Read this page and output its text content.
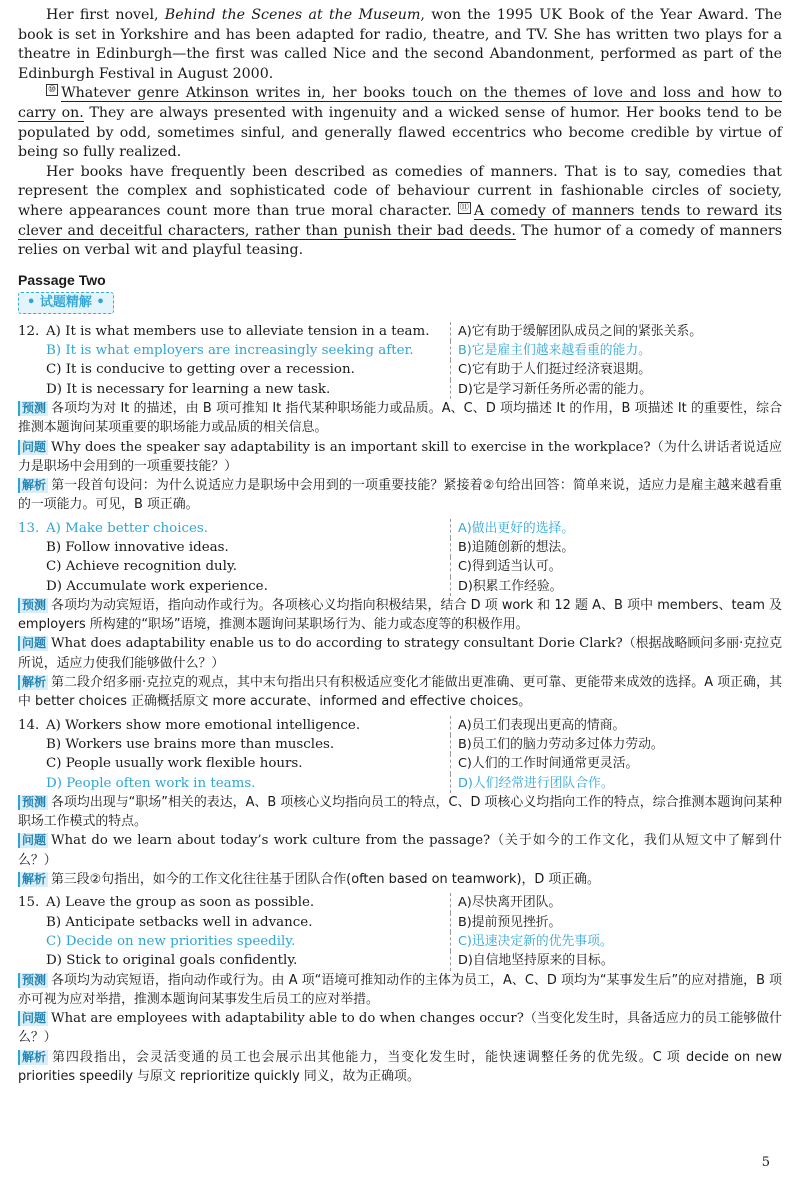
Her first novel, Behind the Scenes at the Museum, won the 1995 UK Book of the Year Award. The book is set in Yorkshire and has been adapted for radio, theatre, and TV. She has written two plays for a theatre in Edinburgh—the first was called Nice and the second Abandonment, performed as part of the Edinburgh Festival in August 2000.

⑩ Whatever genre Atkinson writes in, her books touch on the themes of love and loss and how to carry on. They are always presented with ingenuity and a wicked sense of humor. Her books tend to be populated by odd, sometimes sinful, and generally flawed eccentrics who become credible by virtue of being so fully realized.

Her books have frequently been described as comedies of manners. That is to say, comedies that represent the complex and sophisticated code of behaviour current in fashionable circles of society, where appearances count more than true moral character. ⑪ A comedy of manners tends to reward its clever and deceitful characters, rather than punish their bad deeds. The humor of a comedy of manners relies on verbal wit and playful teasing.

Passage Two
• 试题精解 •
12. A) It is what members use to alleviate tension in a team.	A)它有助于缓解团队成员之间的紧张关系。
B) It is what employers are increasingly seeking after.	B)它是雇主们越来越看重的能力。
C) It is conducive to getting over a recession.	C)它有助于人们挺过经济衰退期。
D) It is necessary for learning a new task.	D)它是学习新任务所必需的能力。

预测 各项均为对 It 的描述，由 B 项可推知 It 指代某种职场能力或品质。A、C、D 项均描述 It 的作用，B 项描述 It 的重要性，综合推测本题询问某项重要的职场能力或品质的相关信息。

问题 Why does the speaker say adaptability is an important skill to exercise in the workplace?（为什么讲话者说适应力是职场中会用到的一项重要技能？）

解析 第一段首句设问：为什么说适应力是职场中会用到的一项重要技能？紧接着②句给出回答：简单来说，适应力是雇主越来越看重的一项能力。可见，B 项正确。

13. A) Make better choices.	A)做出更好的选择。
B) Follow innovative ideas.	B)追随创新的想法。
C) Achieve recognition duly.	C)得到适当认可。
D) Accumulate work experience.	D)积累工作经验。

预测 各项均为动宾短语，指向动作或行为。各项核心义均指向积极结果，结合 D 项 work 和 12 题 A、B 项中 members、team 及 employers 所构建的“职场”语境，推测本题询问某职场行为、能力或态度等的积极作用。

问题 What does adaptability enable us to do according to strategy consultant Dorie Clark?（根据战略顾问多丽·克拉克所说，适应力使我们能够做什么？）

解析 第二段介绍多丽·克拉克的观点，其中末句指出只有积极适应变化才能做出更准确、更可靠、更能带来成效的选择。A 项正确，其中 better choices 正确概括原文 more accurate、informed and effective choices。

14. A) Workers show more emotional intelligence.	A)员工们表现出更高的情商。
B) Workers use brains more than muscles.	B)员工们的脑力劳动多过体力劳动。
C) People usually work flexible hours.	C)人们的工作时间通常更灵活。
D) People often work in teams.	D)人们经常进行团队合作。

预测 各项均出现与“职场”相关的表达，A、B 项核心义均指向员工的特点，C、D 项核心义均指向工作的特点，综合推测本题询问某种职场工作模式的特点。

问题 What do we learn about today’s work culture from the passage?（关于如今的工作文化，我们从短文中了解到什么？）

解析 第三段②句指出，如今的工作文化往往基于团队合作(often based on teamwork)，D 项正确。

15. A) Leave the group as soon as possible.	A)尽快离开团队。
B) Anticipate setbacks well in advance.	B)提前预见挫折。
C) Decide on new priorities speedily.	C)迅速决定新的优先事项。
D) Stick to original goals confidently.	D)自信地坚持原来的目标。

预测 各项均为动宾短语，指向动作或行为。由 A 项“语境可推知动作的主体为员工，A、C、D 项均为“某事发生后”的应对措施，B 项亦可视为应对举措，推测本题询问某事发生后员工的应对举措。

问题 What are employees with adaptability able to do when changes occur?（当变化发生时，具备适应力的员工能够做什么？）

解析 第四段指出，会灵活变通的员工也会展示出其他能力，当变化发生时，能快速调整任务的优先级。C 项 decide on new priorities speedily 与原文 reprioritize quickly 同义，故为正确项。

5
